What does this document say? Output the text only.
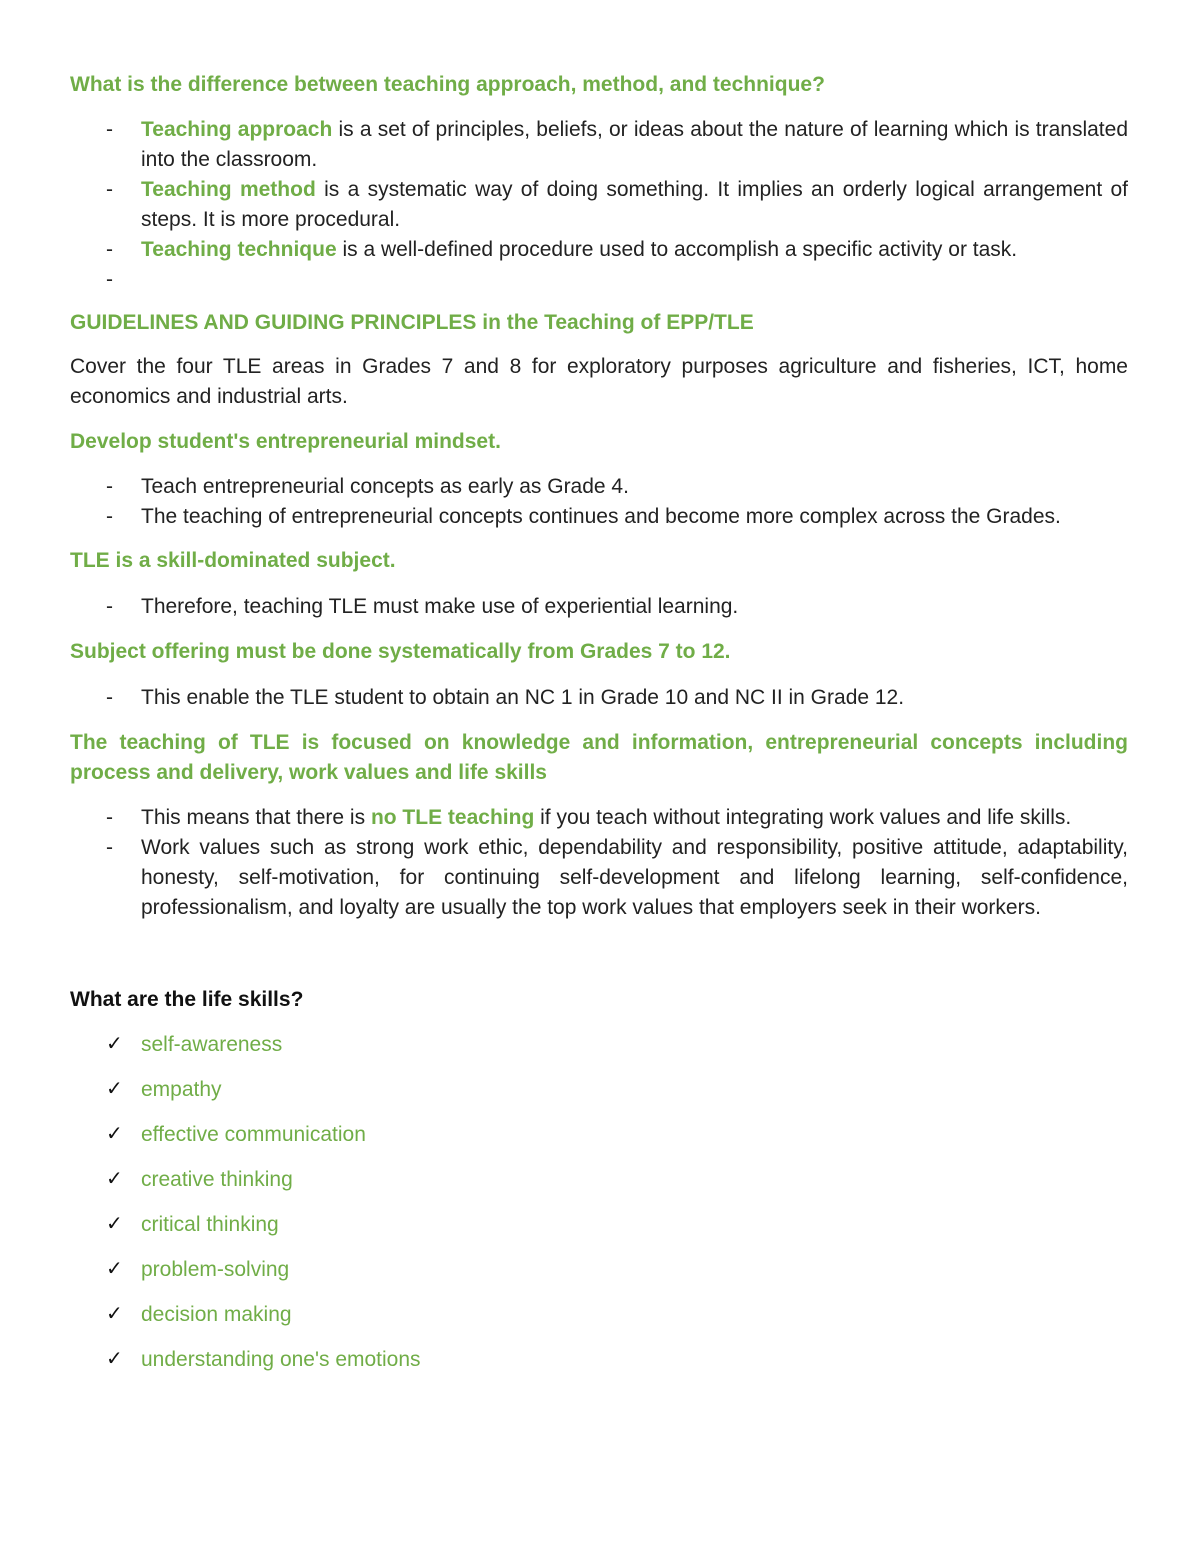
What is the difference between teaching approach, method, and technique?

- Teaching approach is a set of principles, beliefs, or ideas about the nature of learning which is translated into the classroom.
- Teaching method is a systematic way of doing something. It implies an orderly logical arrangement of steps. It is more procedural.
- Teaching technique is a well-defined procedure used to accomplish a specific activity or task.
-

GUIDELINES AND GUIDING PRINCIPLES in the Teaching of EPP/TLE

Cover the four TLE areas in Grades 7 and 8 for exploratory purposes agriculture and fisheries, ICT, home economics and industrial arts.

Develop student's entrepreneurial mindset.

- Teach entrepreneurial concepts as early as Grade 4.
- The teaching of entrepreneurial concepts continues and become more complex across the Grades.

TLE is a skill-dominated subject.

- Therefore, teaching TLE must make use of experiential learning.

Subject offering must be done systematically from Grades 7 to 12.

- This enable the TLE student to obtain an NC 1 in Grade 10 and NC II in Grade 12.

The teaching of TLE is focused on knowledge and information, entrepreneurial concepts including process and delivery, work values and life skills

- This means that there is no TLE teaching if you teach without integrating work values and life skills.
- Work values such as strong work ethic, dependability and responsibility, positive attitude, adaptability, honesty, self-motivation, for continuing self-development and lifelong learning, self-confidence, professionalism, and loyalty are usually the top work values that employers seek in their workers.

What are the life skills?

✓ self-awareness
✓ empathy
✓ effective communication
✓ creative thinking
✓ critical thinking
✓ problem-solving
✓ decision making
✓ understanding one's emotions
